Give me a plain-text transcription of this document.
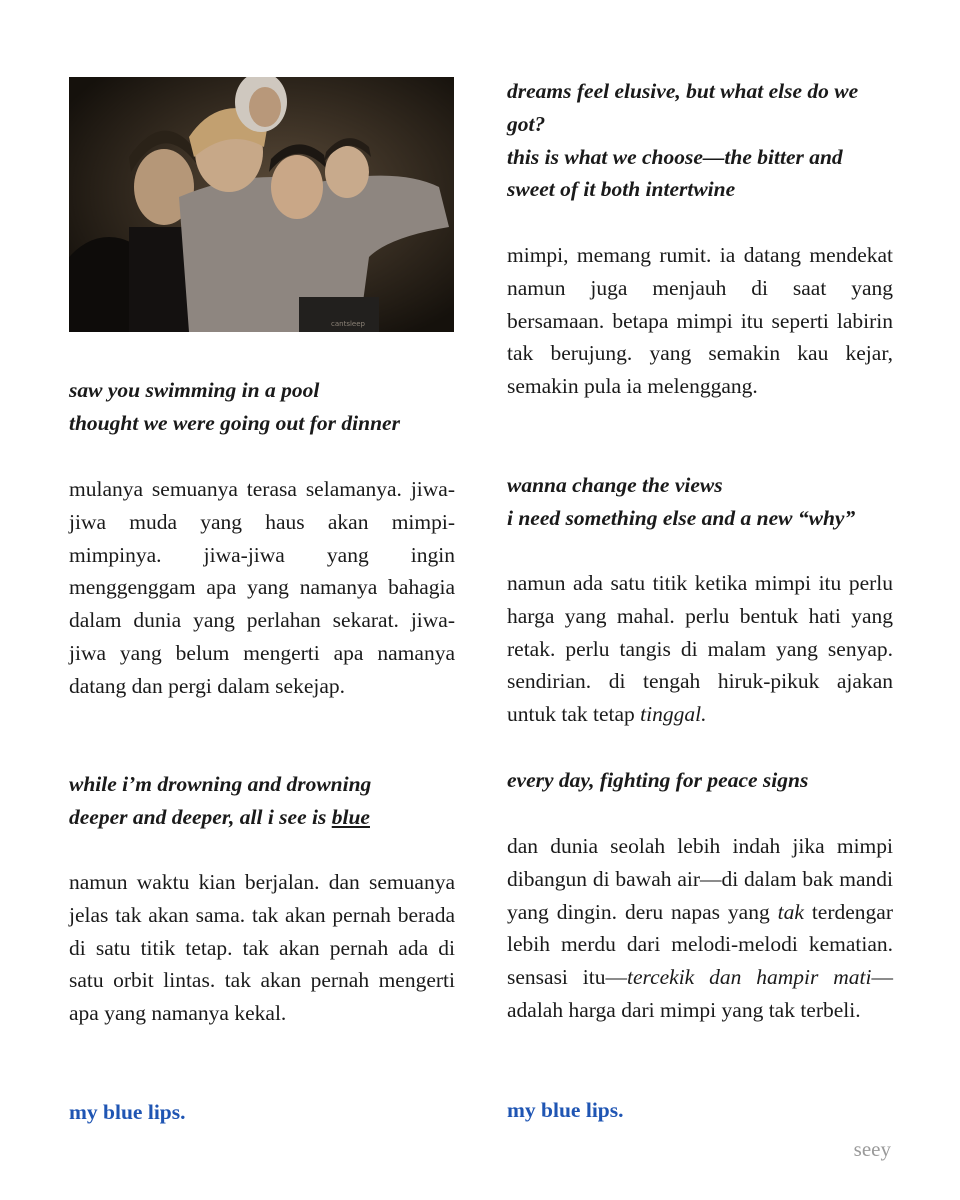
cantsleep
saw you swimming in a pool
thought we were going out for dinner
mulanya semuanya terasa selamanya. jiwa-jiwa muda yang haus akan mimpi-mimpinya. jiwa-jiwa yang ingin menggenggam apa yang namanya bahagia dalam dunia yang perlahan sekarat. jiwa-jiwa yang belum mengerti apa namanya datang dan pergi dalam sekejap.
while i’m drowning and drowning
deeper and deeper, all i see is blue
namun waktu kian berjalan. dan semuanya jelas tak akan sama. tak akan pernah berada di satu titik tetap. tak akan pernah ada di satu orbit lintas. tak akan pernah mengerti apa yang namanya kekal.
my blue lips.
dreams feel elusive, but what else do we got?
this is what we choose—the bitter and sweet of it both intertwine
mimpi, memang rumit. ia datang mendekat namun juga menjauh di saat yang bersamaan. betapa mimpi itu seperti labirin tak berujung. yang semakin kau kejar, semakin pula ia melenggang.
wanna change the views
i need something else and a new “why”
namun ada satu titik ketika mimpi itu perlu harga yang mahal. perlu bentuk hati yang retak. perlu tangis di malam yang senyap. sendirian. di tengah hiruk-pikuk ajakan untuk tak tetap tinggal.
every day, fighting for peace signs
dan dunia seolah lebih indah jika mimpi dibangun di bawah air—di dalam bak mandi yang dingin. deru napas yang tak terdengar lebih merdu dari melodi-melodi kematian. sensasi itu—tercekik dan hampir mati—adalah harga dari mimpi yang tak terbeli.
my blue lips.
seey
